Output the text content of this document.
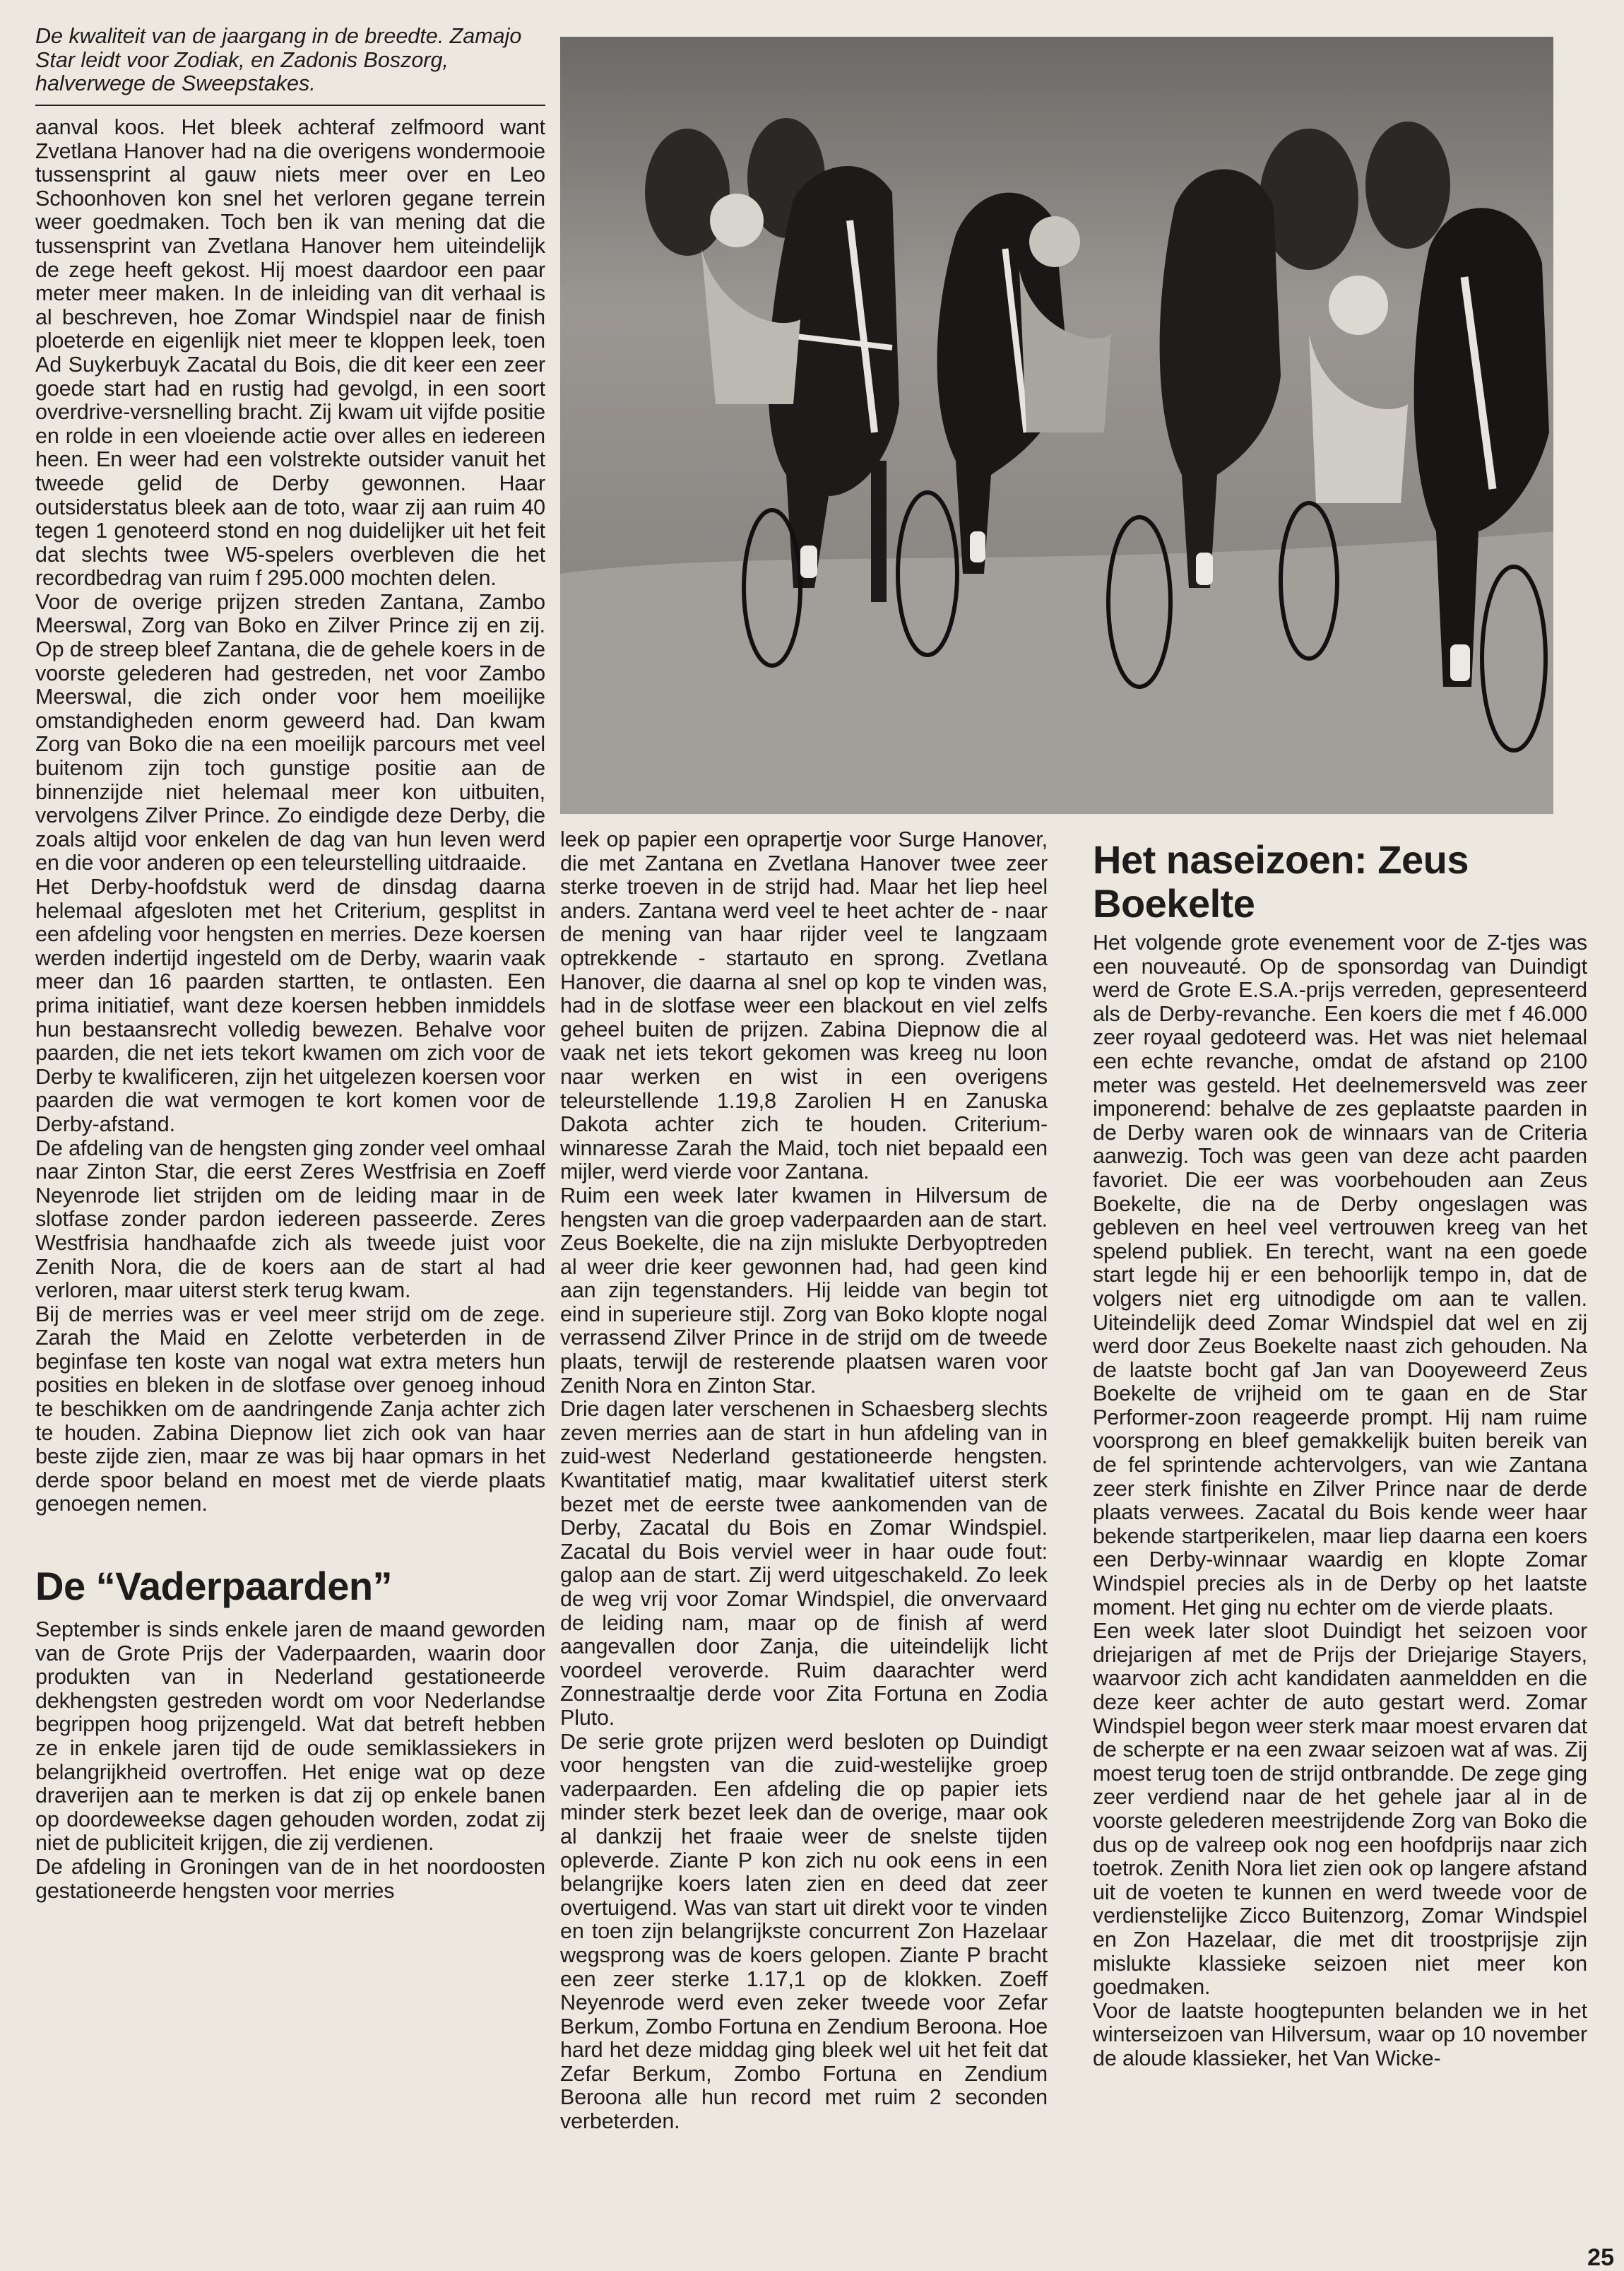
De kwaliteit van de jaargang in de breedte. Zamajo Star leidt voor Zodiak, en Zadonis Boszorg, halverwege de Sweepstakes.

aanval koos. Het bleek achteraf zelfmoord want Zvetlana Hanover had na die overigens wondermooie tussensprint al gauw niets meer over en Leo Schoonhoven kon snel het verloren gegane terrein weer goedmaken. Toch ben ik van mening dat die tussensprint van Zvetlana Hanover hem uiteindelijk de zege heeft gekost. Hij moest daardoor een paar meter meer maken. In de inleiding van dit verhaal is al beschreven, hoe Zomar Windspiel naar de finish ploeterde en eigenlijk niet meer te kloppen leek, toen Ad Suykerbuyk Zacatal du Bois, die dit keer een zeer goede start had en rustig had gevolgd, in een soort overdrive-versnelling bracht. Zij kwam uit vijfde positie en rolde in een vloeiende actie over alles en iedereen heen. En weer had een volstrekte outsider vanuit het tweede gelid de Derby gewonnen. Haar outsiderstatus bleek aan de toto, waar zij aan ruim 40 tegen 1 genoteerd stond en nog duidelijker uit het feit dat slechts twee W5-spelers overbleven die het recordbedrag van ruim f 295.000 mochten delen.

Voor de overige prijzen streden Zantana, Zambo Meerswal, Zorg van Boko en Zilver Prince zij en zij. Op de streep bleef Zantana, die de gehele koers in de voorste gelederen had gestreden, net voor Zambo Meerswal, die zich onder voor hem moeilijke omstandigheden enorm geweerd had. Dan kwam Zorg van Boko die na een moeilijk parcours met veel buitenom zijn toch gunstige positie aan de binnenzijde niet helemaal meer kon uitbuiten, vervolgens Zilver Prince. Zo eindigde deze Derby, die zoals altijd voor enkelen de dag van hun leven werd en die voor anderen op een teleurstelling uitdraaide.

Het Derby-hoofdstuk werd de dinsdag daarna helemaal afgesloten met het Criterium, gesplitst in een afdeling voor hengsten en merries. Deze koersen werden indertijd ingesteld om de Derby, waarin vaak meer dan 16 paarden startten, te ontlasten. Een prima initiatief, want deze koersen hebben inmiddels hun bestaansrecht volledig bewezen. Behalve voor paarden, die net iets tekort kwamen om zich voor de Derby te kwalificeren, zijn het uitgelezen koersen voor paarden die wat vermogen te kort komen voor de Derby-afstand.

De afdeling van de hengsten ging zonder veel omhaal naar Zinton Star, die eerst Zeres Westfrisia en Zoeff Neyenrode liet strijden om de leiding maar in de slotfase zonder pardon iedereen passeerde. Zeres Westfrisia handhaafde zich als tweede juist voor Zenith Nora, die de koers aan de start al had verloren, maar uiterst sterk terug kwam.

Bij de merries was er veel meer strijd om de zege. Zarah the Maid en Zelotte verbeterden in de beginfase ten koste van nogal wat extra meters hun posities en bleken in de slotfase over genoeg inhoud te beschikken om de aandringende Zanja achter zich te houden. Zabina Diepnow liet zich ook van haar beste zijde zien, maar ze was bij haar opmars in het derde spoor beland en moest met de vierde plaats genoegen nemen.

De “Vaderpaarden”

September is sinds enkele jaren de maand geworden van de Grote Prijs der Vaderpaarden, waarin door produkten van in Nederland gestationeerde dekhengsten gestreden wordt om voor Nederlandse begrippen hoog prijzengeld. Wat dat betreft hebben ze in enkele jaren tijd de oude semiklassiekers in belangrijkheid overtroffen. Het enige wat op deze draverijen aan te merken is dat zij op enkele banen op doordeweekse dagen gehouden worden, zodat zij niet de publiciteit krijgen, die zij verdienen.

De afdeling in Groningen van de in het noordoosten gestationeerde hengsten voor merries

leek op papier een oprapertje voor Surge Hanover, die met Zantana en Zvetlana Hanover twee zeer sterke troeven in de strijd had. Maar het liep heel anders. Zantana werd veel te heet achter de - naar de mening van haar rijder veel te langzaam optrekkende - startauto en sprong. Zvetlana Hanover, die daarna al snel op kop te vinden was, had in de slotfase weer een blackout en viel zelfs geheel buiten de prijzen. Zabina Diepnow die al vaak net iets tekort gekomen was kreeg nu loon naar werken en wist in een overigens teleurstellende 1.19,8 Zarolien H en Zanuska Dakota achter zich te houden. Criterium-winnaresse Zarah the Maid, toch niet bepaald een mijler, werd vierde voor Zantana.

Ruim een week later kwamen in Hilversum de hengsten van die groep vaderpaarden aan de start. Zeus Boekelte, die na zijn mislukte Derbyoptreden al weer drie keer gewonnen had, had geen kind aan zijn tegenstanders. Hij leidde van begin tot eind in superieure stijl. Zorg van Boko klopte nogal verrassend Zilver Prince in de strijd om de tweede plaats, terwijl de resterende plaatsen waren voor Zenith Nora en Zinton Star.

Drie dagen later verschenen in Schaesberg slechts zeven merries aan de start in hun afdeling van in zuid-west Nederland gestationeerde hengsten. Kwantitatief matig, maar kwalitatief uiterst sterk bezet met de eerste twee aankomenden van de Derby, Zacatal du Bois en Zomar Windspiel. Zacatal du Bois verviel weer in haar oude fout: galop aan de start. Zij werd uitgeschakeld. Zo leek de weg vrij voor Zomar Windspiel, die onvervaard de leiding nam, maar op de finish af werd aangevallen door Zanja, die uiteindelijk licht voordeel veroverde. Ruim daarachter werd Zonnestraaltje derde voor Zita Fortuna en Zodia Pluto.

De serie grote prijzen werd besloten op Duindigt voor hengsten van die zuid-westelijke groep vaderpaarden. Een afdeling die op papier iets minder sterk bezet leek dan de overige, maar ook al dankzij het fraaie weer de snelste tijden opleverde. Ziante P kon zich nu ook eens in een belangrijke koers laten zien en deed dat zeer overtuigend. Was van start uit direkt voor te vinden en toen zijn belangrijkste concurrent Zon Hazelaar wegsprong was de koers gelopen. Ziante P bracht een zeer sterke 1.17,1 op de klokken. Zoeff Neyenrode werd even zeker tweede voor Zefar Berkum, Zombo Fortuna en Zendium Beroona. Hoe hard het deze middag ging bleek wel uit het feit dat Zefar Berkum, Zombo Fortuna en Zendium Beroona alle hun record met ruim 2 seconden verbeterden.

Het naseizoen: Zeus Boekelte

Het volgende grote evenement voor de Z-tjes was een nouveauté. Op de sponsordag van Duindigt werd de Grote E.S.A.-prijs verreden, gepresenteerd als de Derby-revanche. Een koers die met f 46.000 zeer royaal gedoteerd was. Het was niet helemaal een echte revanche, omdat de afstand op 2100 meter was gesteld. Het deelnemersveld was zeer imponerend: behalve de zes geplaatste paarden in de Derby waren ook de winnaars van de Criteria aanwezig. Toch was geen van deze acht paarden favoriet. Die eer was voorbehouden aan Zeus Boekelte, die na de Derby ongeslagen was gebleven en heel veel vertrouwen kreeg van het spelend publiek. En terecht, want na een goede start legde hij er een behoorlijk tempo in, dat de volgers niet erg uitnodigde om aan te vallen. Uiteindelijk deed Zomar Windspiel dat wel en zij werd door Zeus Boekelte naast zich gehouden. Na de laatste bocht gaf Jan van Dooyeweerd Zeus Boekelte de vrijheid om te gaan en de Star Performer-zoon reageerde prompt. Hij nam ruime voorsprong en bleef gemakkelijk buiten bereik van de fel sprintende achtervolgers, van wie Zantana zeer sterk finishte en Zilver Prince naar de derde plaats verwees. Zacatal du Bois kende weer haar bekende startperikelen, maar liep daarna een koers een Derby-winnaar waardig en klopte Zomar Windspiel precies als in de Derby op het laatste moment. Het ging nu echter om de vierde plaats.

Een week later sloot Duindigt het seizoen voor driejarigen af met de Prijs der Driejarige Stayers, waarvoor zich acht kandidaten aanmeldden en die deze keer achter de auto gestart werd. Zomar Windspiel begon weer sterk maar moest ervaren dat de scherpte er na een zwaar seizoen wat af was. Zij moest terug toen de strijd ontbrandde. De zege ging zeer verdiend naar de het gehele jaar al in de voorste gelederen meestrijdende Zorg van Boko die dus op de valreep ook nog een hoofdprijs naar zich toetrok. Zenith Nora liet zien ook op langere afstand uit de voeten te kunnen en werd tweede voor de verdienstelijke Zicco Buitenzorg, Zomar Windspiel en Zon Hazelaar, die met dit troostprijsje zijn mislukte klassieke seizoen niet meer kon goedmaken.

Voor de laatste hoogtepunten belanden we in het winterseizoen van Hilversum, waar op 10 november de aloude klassieker, het Van Wicke-

25
